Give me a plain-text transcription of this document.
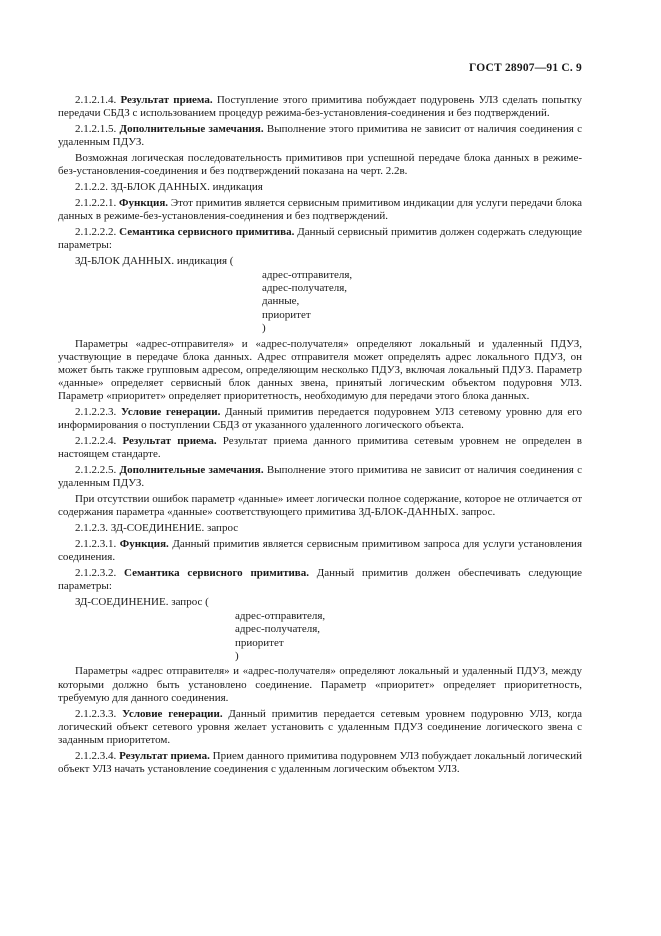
ГОСТ 28907—91 С. 9

2.1.2.1.4. Результат приема. Поступление этого примитива побуждает подуровень УЛЗ сделать попытку передачи СБДЗ с использованием процедур режима-без-установления-соединения и без подтверждений.

2.1.2.1.5. Дополнительные замечания. Выполнение этого примитива не зависит от наличия соединения с удаленным ПДУЗ.

Возможная логическая последовательность примитивов при успешной передаче блока данных в режиме-без-установления-соединения и без подтверждений показана на черт. 2.2в.

2.1.2.2. ЗД-БЛОК ДАННЫХ. индикация

2.1.2.2.1. Функция. Этот примитив является сервисным примитивом индикации для услуги передачи блока данных в режиме-без-установления-соединения и без подтверждений.

2.1.2.2.2. Семантика сервисного примитива. Данный сервисный примитив должен содержать следующие параметры:

ЗД-БЛОК ДАННЫХ. индикация (
адрес-отправителя,
адрес-получателя,
данные,
приоритет
)

Параметры «адрес-отправителя» и «адрес-получателя» определяют локальный и удаленный ПДУЗ, участвующие в передаче блока данных. Адрес отправителя может определять адрес локального ПДУЗ, он может быть также групповым адресом, определяющим несколько ПДУЗ, включая локальный ПДУЗ. Параметр «данные» определяет сервисный блок данных звена, принятый логическим объектом подуровня УЛЗ. Параметр «приоритет» определяет приоритетность, необходимую для передачи этого блока данных.

2.1.2.2.3. Условие генерации. Данный примитив передается подуровнем УЛЗ сетевому уровню для его информирования о поступлении СБДЗ от указанного удаленного логического объекта.

2.1.2.2.4. Результат приема. Результат приема данного примитива сетевым уровнем не определен в настоящем стандарте.

2.1.2.2.5. Дополнительные замечания. Выполнение этого примитива не зависит от наличия соединения с удаленным ПДУЗ.

При отсутствии ошибок параметр «данные» имеет логически полное содержание, которое не отличается от содержания параметра «данные» соответствующего примитива ЗД-БЛОК-ДАННЫХ. запрос.

2.1.2.3. ЗД-СОЕДИНЕНИЕ. запрос

2.1.2.3.1. Функция. Данный примитив является сервисным примитивом запроса для услуги установления соединения.

2.1.2.3.2. Семантика сервисного примитива. Данный примитив должен обеспечивать следующие параметры:

ЗД-СОЕДИНЕНИЕ. запрос (
адрес-отправителя,
адрес-получателя,
приоритет
)

Параметры «адрес отправителя» и «адрес-получателя» определяют локальный и удаленный ПДУЗ, между которыми должно быть установлено соединение. Параметр «приоритет» определяет приоритетность, требуемую для данного соединения.

2.1.2.3.3. Условие генерации. Данный примитив передается сетевым уровнем подуровню УЛЗ, когда логический объект сетевого уровня желает установить с удаленным ПДУЗ соединение логического звена с заданным приоритетом.

2.1.2.3.4. Результат приема. Прием данного примитива подуровнем УЛЗ побуждает локальный логический объект УЛЗ начать установление соединения с удаленным логическим объектом УЛЗ.
